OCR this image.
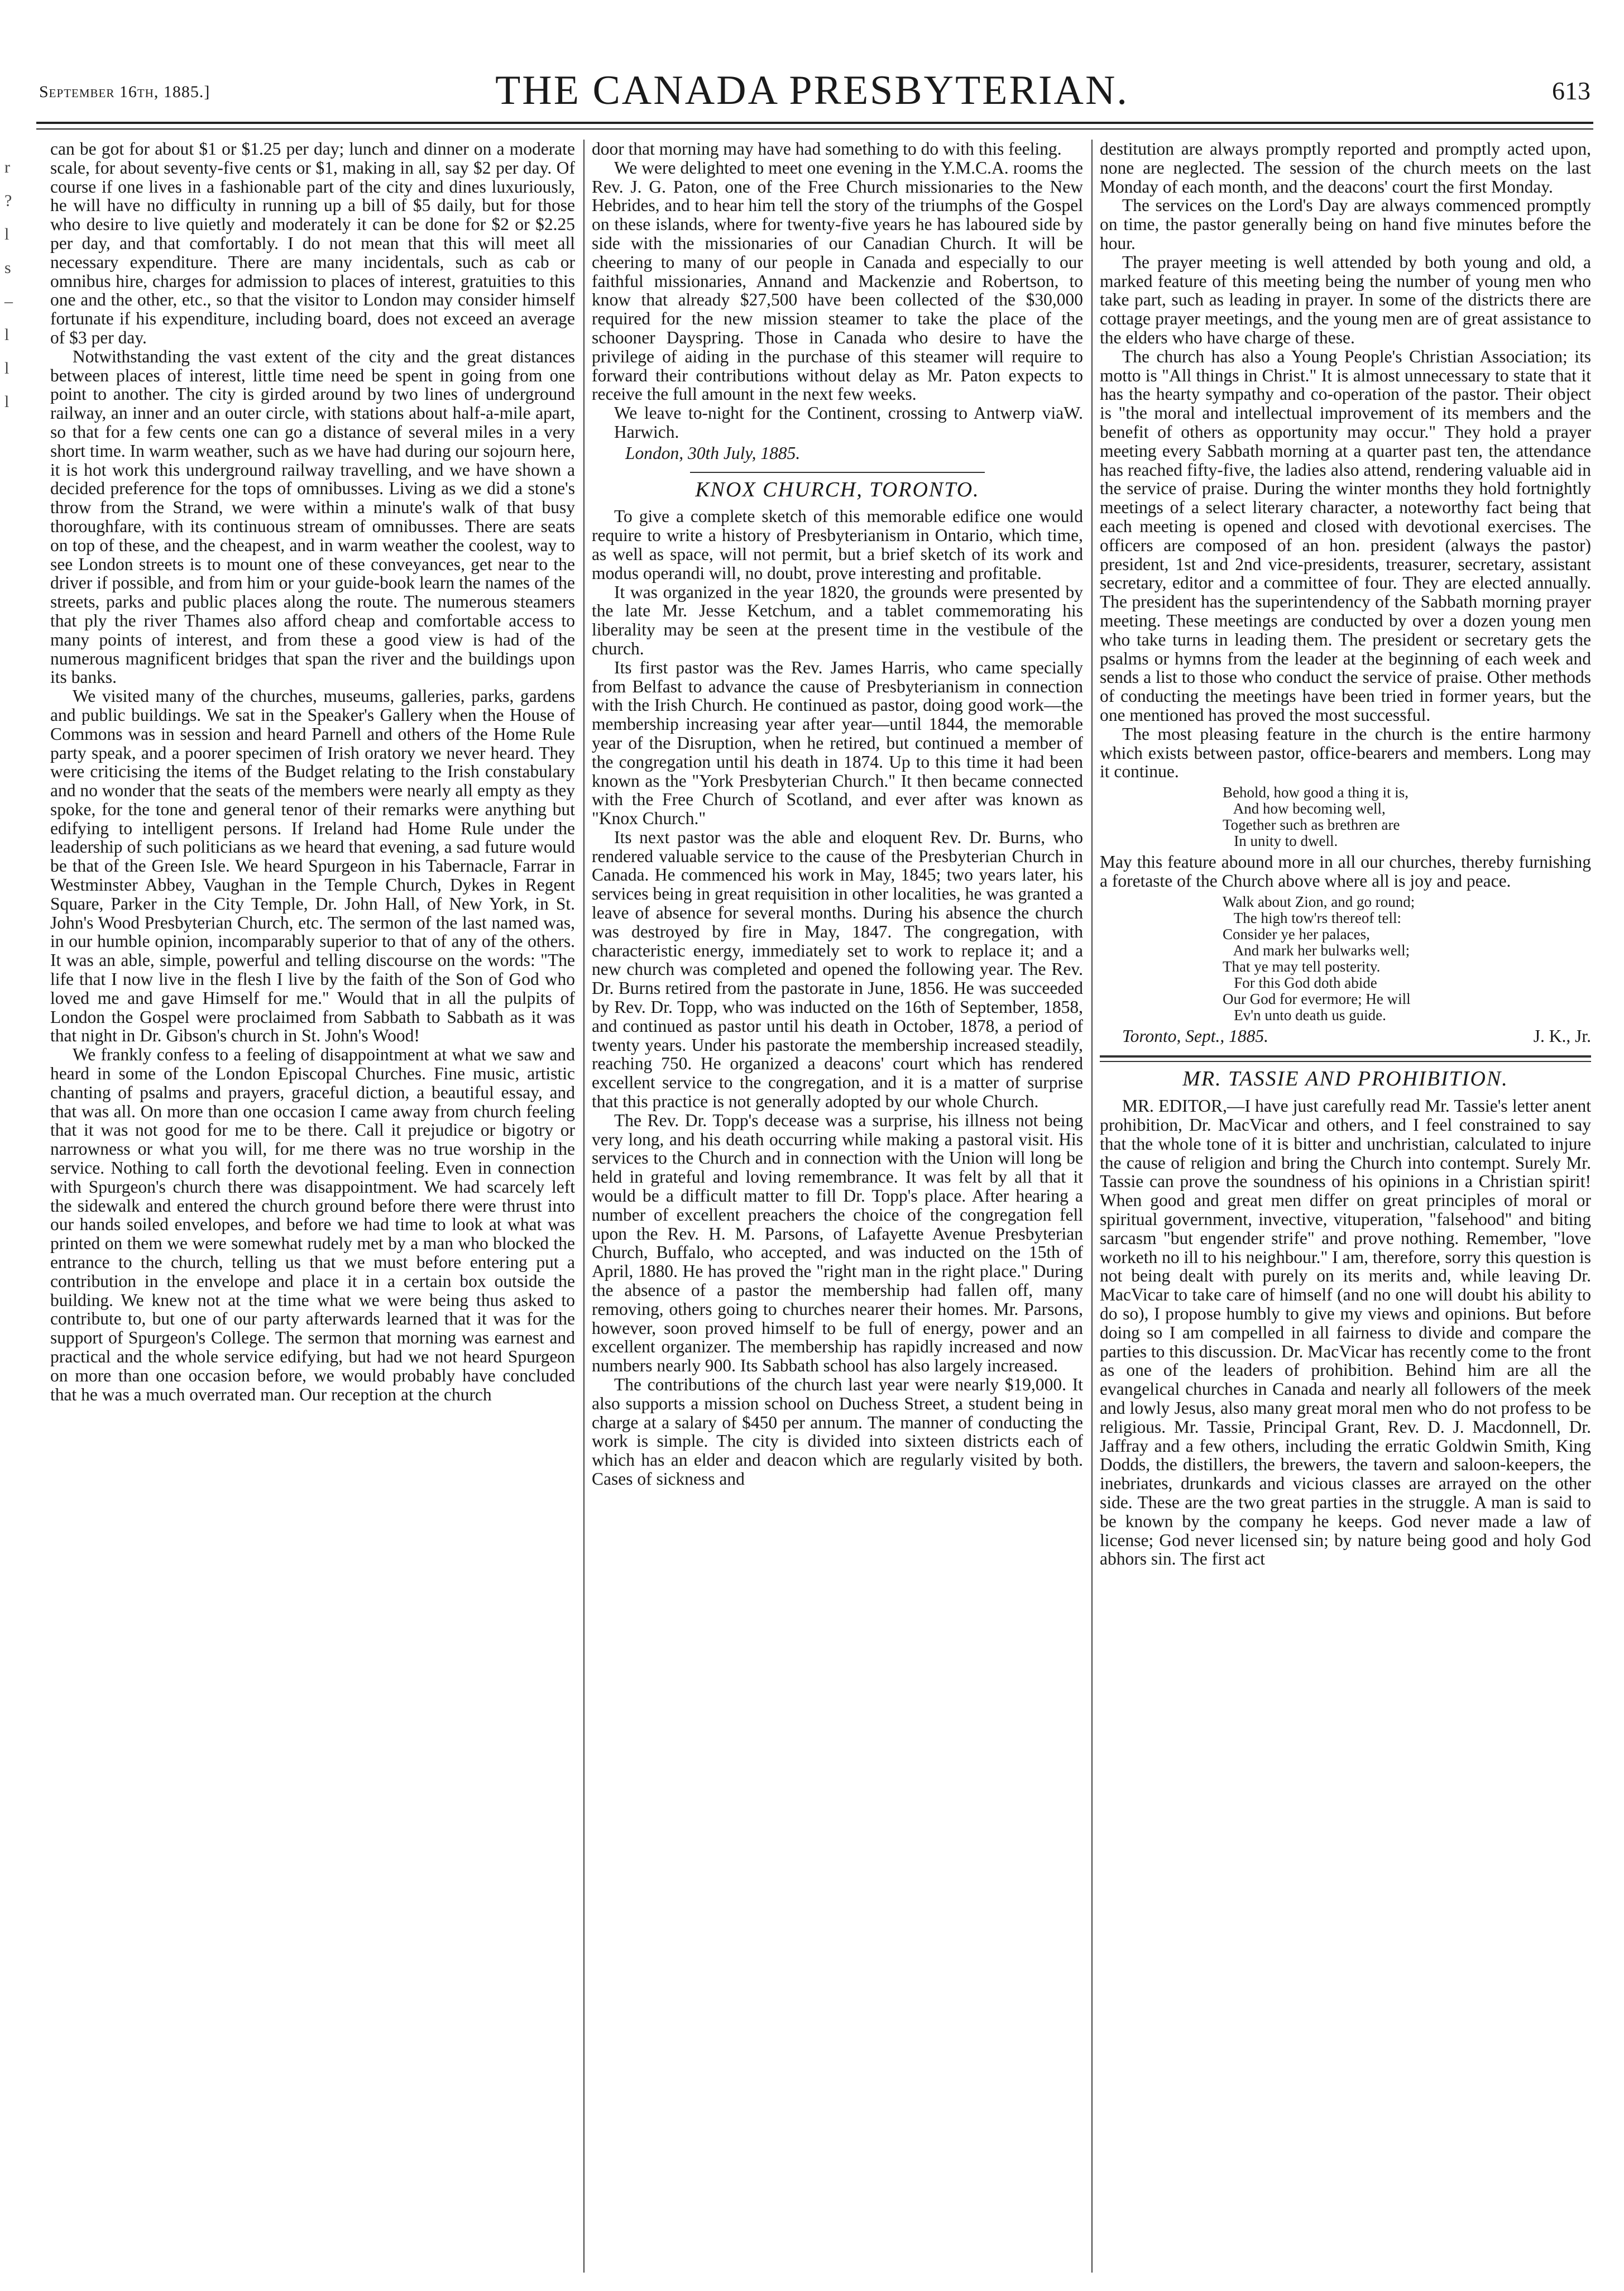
September 16th, 1885.]	THE CANADA PRESBYTERIAN.	613
r
?
l
s
–
l
l
l

can be got for about $1 or $1.25 per day; lunch and dinner on a moderate scale, for about seventy-five cents or $1, making in all, say $2 per day. Of course if one lives in a fashionable part of the city and dines luxuriously, he will have no difficulty in running up a bill of $5 daily, but for those who desire to live quietly and moderately it can be done for $2 or $2.25 per day, and that comfortably. I do not mean that this will meet all necessary expenditure. There are many incidentals, such as cab or omnibus hire, charges for admission to places of interest, gratuities to this one and the other, etc., so that the visitor to London may consider himself fortunate if his expenditure, including board, does not exceed an average of $3 per day.

Notwithstanding the vast extent of the city and the great distances between places of interest, little time need be spent in going from one point to another. The city is girded around by two lines of underground railway, an inner and an outer circle, with stations about half-a-mile apart, so that for a few cents one can go a distance of several miles in a very short time. In warm weather, such as we have had during our sojourn here, it is hot work this underground railway travelling, and we have shown a decided preference for the tops of omnibusses. Living as we did a stone's throw from the Strand, we were within a minute's walk of that busy thoroughfare, with its continuous stream of omnibusses. There are seats on top of these, and the cheapest, and in warm weather the coolest, way to see London streets is to mount one of these conveyances, get near to the driver if possible, and from him or your guide-book learn the names of the streets, parks and public places along the route. The numerous steamers that ply the river Thames also afford cheap and comfortable access to many points of interest, and from these a good view is had of the numerous magnificent bridges that span the river and the buildings upon its banks.

We visited many of the churches, museums, galleries, parks, gardens and public buildings. We sat in the Speaker's Gallery when the House of Commons was in session and heard Parnell and others of the Home Rule party speak, and a poorer specimen of Irish oratory we never heard. They were criticising the items of the Budget relating to the Irish constabulary and no wonder that the seats of the members were nearly all empty as they spoke, for the tone and general tenor of their remarks were anything but edifying to intelligent persons. If Ireland had Home Rule under the leadership of such politicians as we heard that evening, a sad future would be that of the Green Isle. We heard Spurgeon in his Tabernacle, Farrar in Westminster Abbey, Vaughan in the Temple Church, Dykes in Regent Square, Parker in the City Temple, Dr. John Hall, of New York, in St. John's Wood Presbyterian Church, etc. The sermon of the last named was, in our humble opinion, incomparably superior to that of any of the others. It was an able, simple, powerful and telling discourse on the words: "The life that I now live in the flesh I live by the faith of the Son of God who loved me and gave Himself for me." Would that in all the pulpits of London the Gospel were proclaimed from Sabbath to Sabbath as it was that night in Dr. Gibson's church in St. John's Wood!

We frankly confess to a feeling of disappointment at what we saw and heard in some of the London Episcopal Churches. Fine music, artistic chanting of psalms and prayers, graceful diction, a beautiful essay, and that was all. On more than one occasion I came away from church feeling that it was not good for me to be there. Call it prejudice or bigotry or narrowness or what you will, for me there was no true worship in the service. Nothing to call forth the devotional feeling. Even in connection with Spurgeon's church there was disappointment. We had scarcely left the sidewalk and entered the church ground before there were thrust into our hands soiled envelopes, and before we had time to look at what was printed on them we were somewhat rudely met by a man who blocked the entrance to the church, telling us that we must before entering put a contribution in the envelope and place it in a certain box outside the building. We knew not at the time what we were being thus asked to contribute to, but one of our party afterwards learned that it was for the support of Spurgeon's College. The sermon that morning was earnest and practical and the whole service edifying, but had we not heard Spurgeon on more than one occasion before, we would probably have concluded that he was a much overrated man. Our reception at the church

door that morning may have had something to do with this feeling.

We were delighted to meet one evening in the Y.M.C.A. rooms the Rev. J. G. Paton, one of the Free Church missionaries to the New Hebrides, and to hear him tell the story of the triumphs of the Gospel on these islands, where for twenty-five years he has laboured side by side with the missionaries of our Canadian Church. It will be cheering to many of our people in Canada and especially to our faithful missionaries, Annand and Mackenzie and Robertson, to know that already $27,500 have been collected of the $30,000 required for the new mission steamer to take the place of the schooner Dayspring. Those in Canada who desire to have the privilege of aiding in the purchase of this steamer will require to forward their contributions without delay as Mr. Paton expects to receive the full amount in the next few weeks.

We leave to-night for the Continent, crossing to Antwerp via Harwich.
W.
London, 30th July, 1885.
KNOX CHURCH, TORONTO.

To give a complete sketch of this memorable edifice one would require to write a history of Presbyterianism in Ontario, which time, as well as space, will not permit, but a brief sketch of its work and modus operandi will, no doubt, prove interesting and profitable.

It was organized in the year 1820, the grounds were presented by the late Mr. Jesse Ketchum, and a tablet commemorating his liberality may be seen at the present time in the vestibule of the church.

Its first pastor was the Rev. James Harris, who came specially from Belfast to advance the cause of Presbyterianism in connection with the Irish Church. He continued as pastor, doing good work—the membership increasing year after year—until 1844, the memorable year of the Disruption, when he retired, but continued a member of the congregation until his death in 1874. Up to this time it had been known as the "York Presbyterian Church." It then became connected with the Free Church of Scotland, and ever after was known as "Knox Church."

Its next pastor was the able and eloquent Rev. Dr. Burns, who rendered valuable service to the cause of the Presbyterian Church in Canada. He commenced his work in May, 1845; two years later, his services being in great requisition in other localities, he was granted a leave of absence for several months. During his absence the church was destroyed by fire in May, 1847. The congregation, with characteristic energy, immediately set to work to replace it; and a new church was completed and opened the following year. The Rev. Dr. Burns retired from the pastorate in June, 1856. He was succeeded by Rev. Dr. Topp, who was inducted on the 16th of September, 1858, and continued as pastor until his death in October, 1878, a period of twenty years. Under his pastorate the membership increased steadily, reaching 750. He organized a deacons' court which has rendered excellent service to the congregation, and it is a matter of surprise that this practice is not generally adopted by our whole Church.

The Rev. Dr. Topp's decease was a surprise, his illness not being very long, and his death occurring while making a pastoral visit. His services to the Church and in connection with the Union will long be held in grateful and loving remembrance. It was felt by all that it would be a difficult matter to fill Dr. Topp's place. After hearing a number of excellent preachers the choice of the congregation fell upon the Rev. H. M. Parsons, of Lafayette Avenue Presbyterian Church, Buffalo, who accepted, and was inducted on the 15th of April, 1880. He has proved the "right man in the right place." During the absence of a pastor the membership had fallen off, many removing, others going to churches nearer their homes. Mr. Parsons, however, soon proved himself to be full of energy, power and an excellent organizer. The membership has rapidly increased and now numbers nearly 900. Its Sabbath school has also largely increased.

The contributions of the church last year were nearly $19,000. It also supports a mission school on Duchess Street, a student being in charge at a salary of $450 per annum. The manner of conducting the work is simple. The city is divided into sixteen districts each of which has an elder and deacon which are regularly visited by both. Cases of sickness and

destitution are always promptly reported and promptly acted upon, none are neglected. The session of the church meets on the last Monday of each month, and the deacons' court the first Monday.

The services on the Lord's Day are always commenced promptly on time, the pastor generally being on hand five minutes before the hour.

The prayer meeting is well attended by both young and old, a marked feature of this meeting being the number of young men who take part, such as leading in prayer. In some of the districts there are cottage prayer meetings, and the young men are of great assistance to the elders who have charge of these.

The church has also a Young People's Christian Association; its motto is "All things in Christ." It is almost unnecessary to state that it has the hearty sympathy and co-operation of the pastor. Their object is "the moral and intellectual improvement of its members and the benefit of others as opportunity may occur." They hold a prayer meeting every Sabbath morning at a quarter past ten, the attendance has reached fifty-five, the ladies also attend, rendering valuable aid in the service of praise. During the winter months they hold fortnightly meetings of a select literary character, a noteworthy fact being that each meeting is opened and closed with devotional exercises. The officers are composed of an hon. president (always the pastor) president, 1st and 2nd vice-presidents, treasurer, secretary, assistant secretary, editor and a committee of four. They are elected annually. The president has the superintendency of the Sabbath morning prayer meeting. These meetings are conducted by over a dozen young men who take turns in leading them. The president or secretary gets the psalms or hymns from the leader at the beginning of each week and sends a list to those who conduct the service of praise. Other methods of conducting the meetings have been tried in former years, but the one mentioned has proved the most successful.

The most pleasing feature in the church is the entire harmony which exists between pastor, office-bearers and members. Long may it continue.

Behold, how good a thing it is,
And how becoming well,
Together such as brethren are
In unity to dwell.

May this feature abound more in all our churches, thereby furnishing a foretaste of the Church above where all is joy and peace.

Walk about Zion, and go round;
The high tow'rs thereof tell:
Consider ye her palaces,
And mark her bulwarks well;
That ye may tell posterity.
For this God doth abide
Our God for evermore; He will
Ev'n unto death us guide.
Toronto, Sept., 1885.	J. K., Jr.
MR. TASSIE AND PROHIBITION.

MR. EDITOR,—I have just carefully read Mr. Tassie's letter anent prohibition, Dr. MacVicar and others, and I feel constrained to say that the whole tone of it is bitter and unchristian, calculated to injure the cause of religion and bring the Church into contempt. Surely Mr. Tassie can prove the soundness of his opinions in a Christian spirit! When good and great men differ on great principles of moral or spiritual government, invective, vituperation, "falsehood" and biting sarcasm "but engender strife" and prove nothing. Remember, "love worketh no ill to his neighbour." I am, therefore, sorry this question is not being dealt with purely on its merits and, while leaving Dr. MacVicar to take care of himself (and no one will doubt his ability to do so), I propose humbly to give my views and opinions. But before doing so I am compelled in all fairness to divide and compare the parties to this discussion. Dr. MacVicar has recently come to the front as one of the leaders of prohibition. Behind him are all the evangelical churches in Canada and nearly all followers of the meek and lowly Jesus, also many great moral men who do not profess to be religious. Mr. Tassie, Principal Grant, Rev. D. J. Macdonnell, Dr. Jaffray and a few others, including the erratic Goldwin Smith, King Dodds, the distillers, the brewers, the tavern and saloon-keepers, the inebriates, drunkards and vicious classes are arrayed on the other side. These are the two great parties in the struggle. A man is said to be known by the company he keeps. God never made a law of license; God never licensed sin; by nature being good and holy God abhors sin. The first act
